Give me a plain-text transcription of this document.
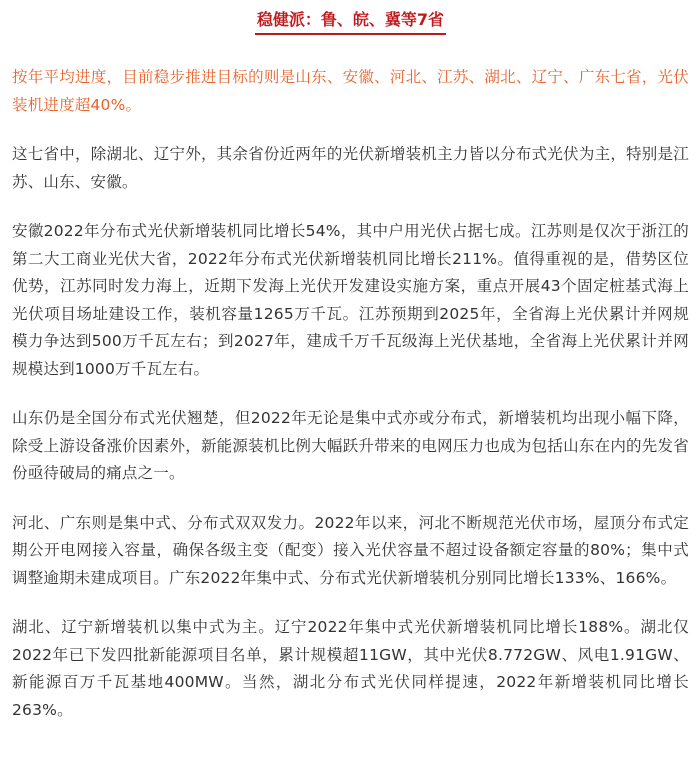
稳健派：鲁、皖、冀等7省

按年平均进度，目前稳步推进目标的则是山东、安徽、河北、江苏、湖北、辽宁、广东七省，光伏装机进度超40%。

这七省中，除湖北、辽宁外，其余省份近两年的光伏新增装机主力皆以分布式光伏为主，特别是江苏、山东、安徽。

安徽2022年分布式光伏新增装机同比增长54%，其中户用光伏占据七成。江苏则是仅次于浙江的第二大工商业光伏大省，2022年分布式光伏新增装机同比增长211%。值得重视的是，借势区位优势，江苏同时发力海上，近期下发海上光伏开发建设实施方案，重点开展43个固定桩基式海上光伏项目场址建设工作，装机容量1265万千瓦。江苏预期到2025年，全省海上光伏累计并网规模力争达到500万千瓦左右；到2027年，建成千万千瓦级海上光伏基地，全省海上光伏累计并网规模达到1000万千瓦左右。

山东仍是全国分布式光伏翘楚，但2022年无论是集中式亦或分布式，新增装机均出现小幅下降，除受上游设备涨价因素外，新能源装机比例大幅跃升带来的电网压力也成为包括山东在内的先发省份亟待破局的痛点之一。

河北、广东则是集中式、分布式双双发力。2022年以来，河北不断规范光伏市场，屋顶分布式定期公开电网接入容量，确保各级主变（配变）接入光伏容量不超过设备额定容量的80%；集中式调整逾期未建成项目。广东2022年集中式、分布式光伏新增装机分别同比增长133%、166%。

湖北、辽宁新增装机以集中式为主。辽宁2022年集中式光伏新增装机同比增长188%。湖北仅2022年已下发四批新能源项目名单，累计规模超11GW，其中光伏8.772GW、风电1.91GW、新能源百万千瓦基地400MW。当然，湖北分布式光伏同样提速，2022年新增装机同比增长263%。
